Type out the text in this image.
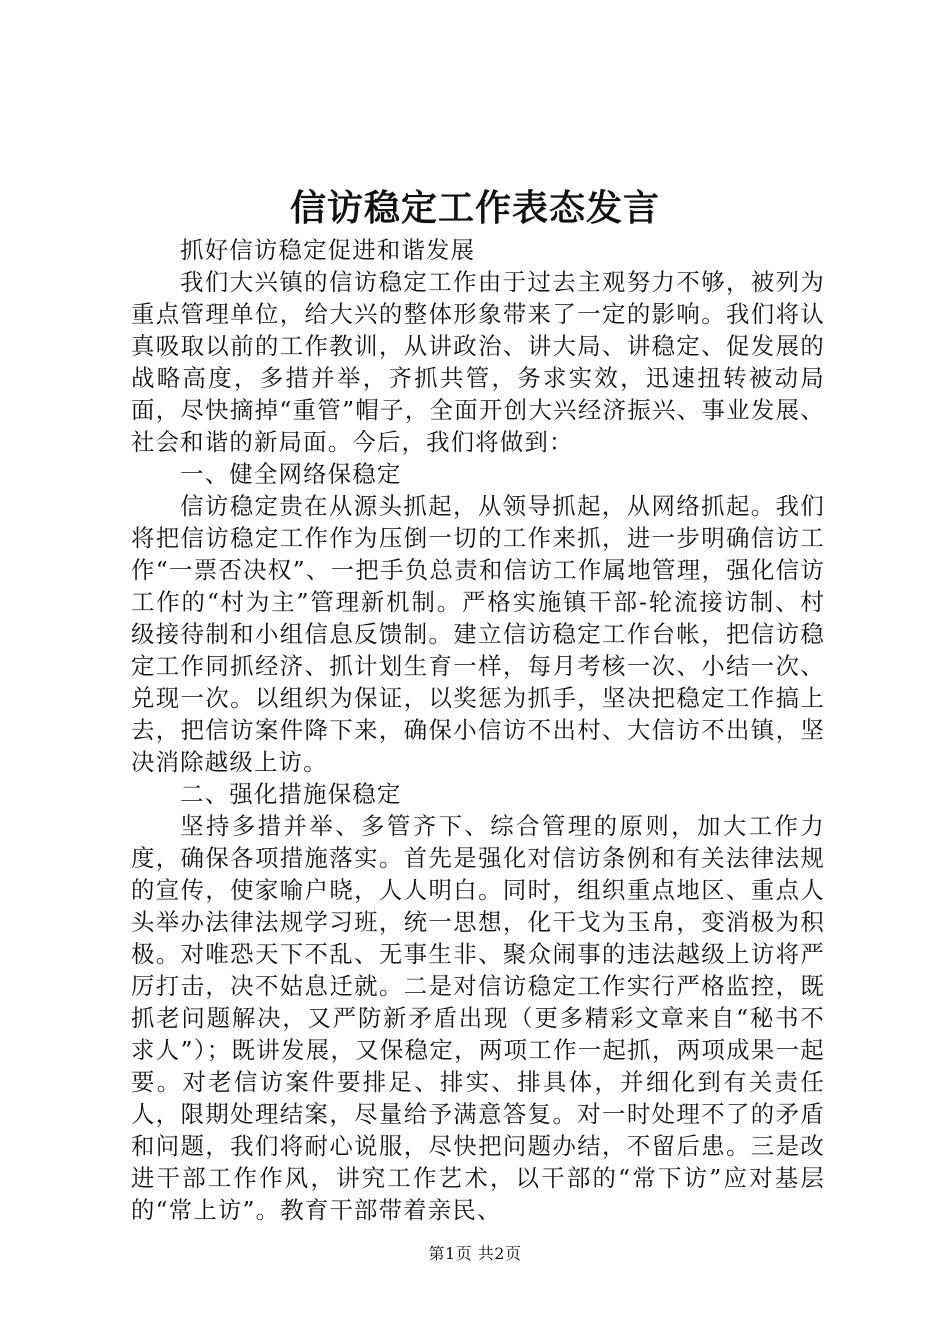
信访稳定工作表态发言

抓好信访稳定促进和谐发展

我们大兴镇的信访稳定工作由于过去主观努力不够，被列为重点管理单位，给大兴的整体形象带来了一定的影响。我们将认真吸取以前的工作教训，从讲政治、讲大局、讲稳定、促发展的战略高度，多措并举，齐抓共管，务求实效，迅速扭转被动局面，尽快摘掉“重管”帽子，全面开创大兴经济振兴、事业发展、社会和谐的新局面。今后，我们将做到：

一、健全网络保稳定

信访稳定贵在从源头抓起，从领导抓起，从网络抓起。我们将把信访稳定工作作为压倒一切的工作来抓，进一步明确信访工作“一票否决权”、一把手负总责和信访工作属地管理，强化信访工作的“村为主”管理新机制。严格实施镇干部-轮流接访制、村级接待制和小组信息反馈制。建立信访稳定工作台帐，把信访稳定工作同抓经济、抓计划生育一样，每月考核一次、小结一次、兑现一次。以组织为保证，以奖惩为抓手，坚决把稳定工作搞上去，把信访案件降下来，确保小信访不出村、大信访不出镇，坚决消除越级上访。

二、强化措施保稳定

坚持多措并举、多管齐下、综合管理的原则，加大工作力度，确保各项措施落实。首先是强化对信访条例和有关法律法规的宣传，使家喻户晓，人人明白。同时，组织重点地区、重点人头举办法律法规学习班，统一思想，化干戈为玉帛，变消极为积极。对唯恐天下不乱、无事生非、聚众闹事的违法越级上访将严厉打击，决不姑息迁就。二是对信访稳定工作实行严格监控，既抓老问题解决，又严防新矛盾出现（更多精彩文章来自“秘书不求人”）；既讲发展，又保稳定，两项工作一起抓，两项成果一起要。对老信访案件要排足、排实、排具体，并细化到有关责任人，限期处理结案，尽量给予满意答复。对一时处理不了的矛盾和问题，我们将耐心说服，尽快把问题办结，不留后患。三是改进干部工作作风，讲究工作艺术，以干部的“常下访”应对基层的“常上访”。教育干部带着亲民、

第1页 共2页
